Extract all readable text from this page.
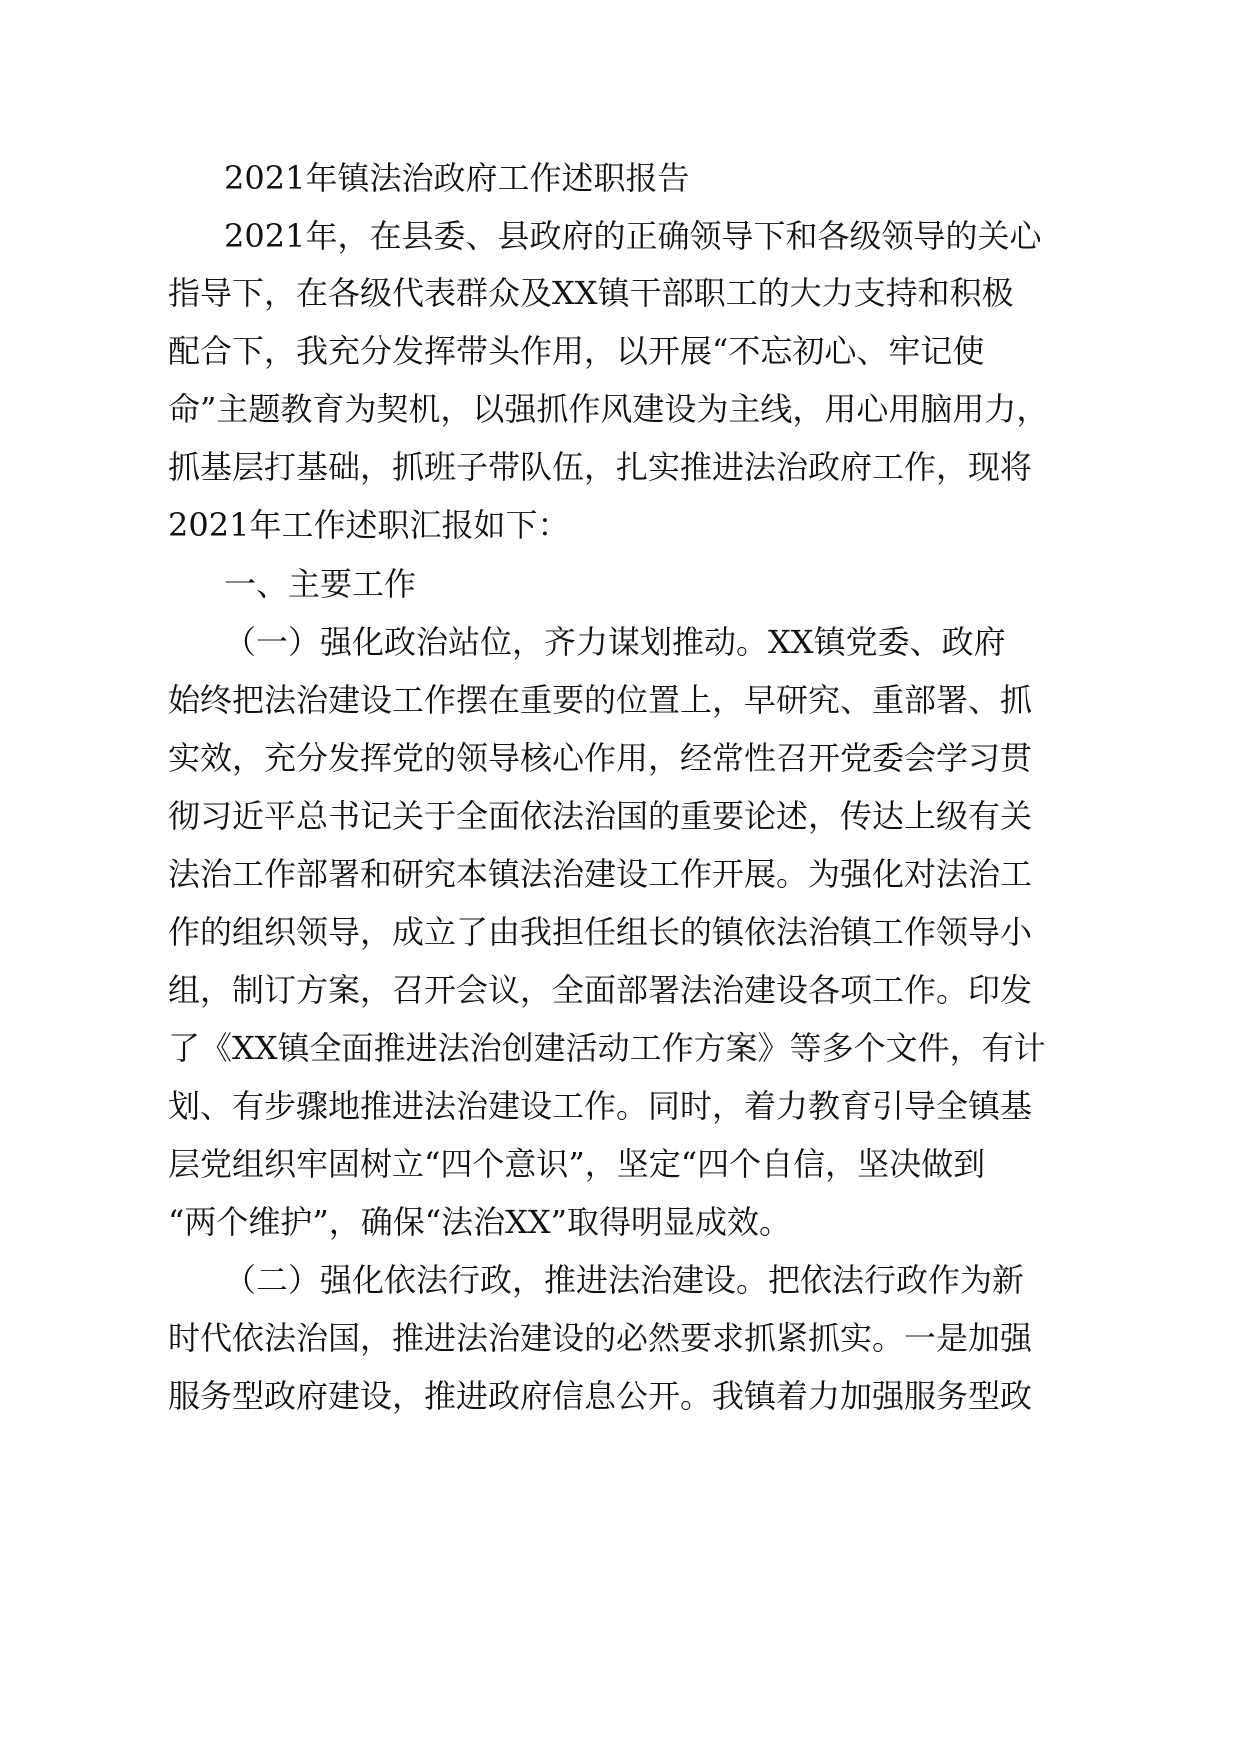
2021年镇法治政府工作述职报告
2021年，在县委、县政府的正确领导下和各级领导的关心
指导下，在各级代表群众及XX镇干部职工的大力支持和积极
配合下，我充分发挥带头作用，以开展“不忘初心、牢记使
命”主题教育为契机，以强抓作风建设为主线，用心用脑用力，
抓基层打基础，抓班子带队伍，扎实推进法治政府工作，现将
2021年工作述职汇报如下：
一、主要工作
（一）强化政治站位，齐力谋划推动。XX镇党委、政府
始终把法治建设工作摆在重要的位置上，早研究、重部署、抓
实效，充分发挥党的领导核心作用，经常性召开党委会学习贯
彻习近平总书记关于全面依法治国的重要论述，传达上级有关
法治工作部署和研究本镇法治建设工作开展。为强化对法治工
作的组织领导，成立了由我担任组长的镇依法治镇工作领导小
组，制订方案，召开会议，全面部署法治建设各项工作。印发
了《XX镇全面推进法治创建活动工作方案》等多个文件，有计
划、有步骤地推进法治建设工作。同时，着力教育引导全镇基
层党组织牢固树立“四个意识”，坚定“四个自信，坚决做到
“两个维护”，确保“法治XX”取得明显成效。
（二）强化依法行政，推进法治建设。把依法行政作为新
时代依法治国，推进法治建设的必然要求抓紧抓实。一是加强
服务型政府建设，推进政府信息公开。我镇着力加强服务型政
